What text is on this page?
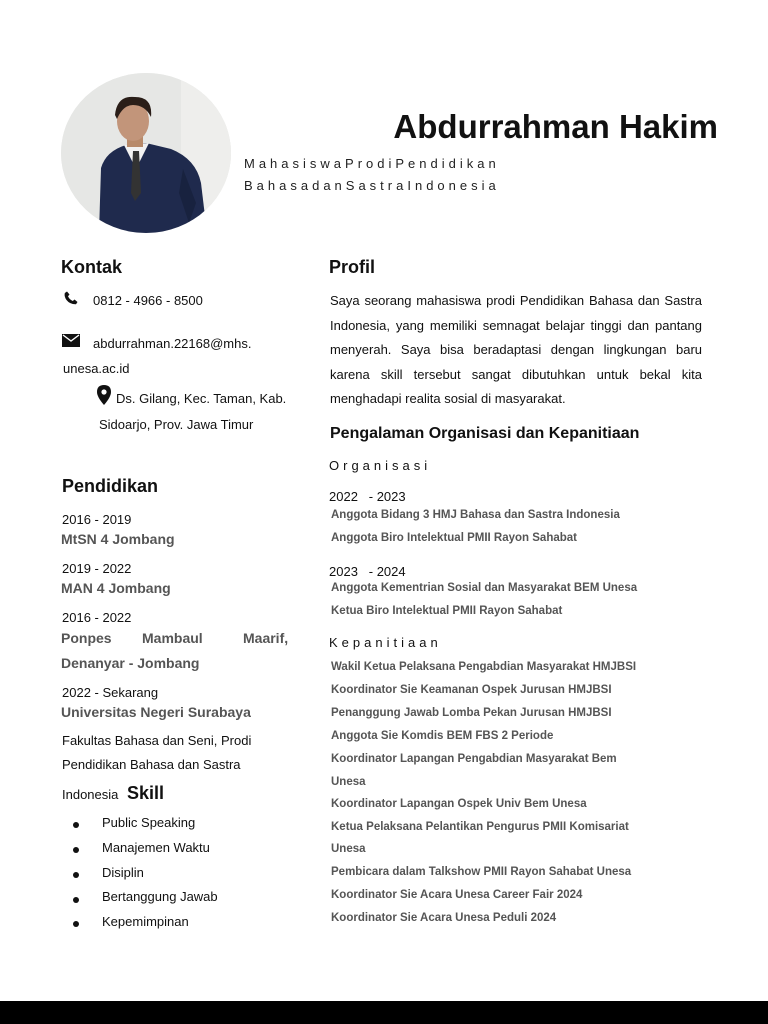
Abdurrahman Hakim
MahasiswaProdiPendidikan
BahasadanSastraIndonesia
Kontak
0812 - 4966 - 8500
abdurrahman.22168@mhs.
unesa.ac.id
Ds. Gilang, Kec. Taman, Kab.
Sidoarjo, Prov. Jawa Timur
Pendidikan
2016 - 2019
MtSN 4 Jombang
2019 - 2022
MAN 4 Jombang
2016 - 2022
Ponpes Mambaul	Maarif,
Denanyar - Jombang
2022 - Sekarang
Universitas Negeri Surabaya
Fakultas Bahasa dan Seni, Prodi
Pendidikan Bahasa dan Sastra
Indonesia Skill
Public Speaking
Manajemen Waktu
Disiplin
Bertanggung Jawab
Kepemimpinan
Profil
Saya seorang mahasiswa prodi Pendidikan Bahasa dan Sastra Indonesia, yang memiliki semnagat belajar tinggi dan pantang menyerah. Saya bisa beradaptasi dengan lingkungan baru karena skill tersebut sangat dibutuhkan untuk bekal kita menghadapi realita sosial di masyarakat.
Pengalaman Organisasi dan Kepanitiaan
Organisasi
2022   - 2023
Anggota Bidang 3 HMJ Bahasa dan Sastra Indonesia
Anggota Biro Intelektual PMII Rayon Sahabat
2023   - 2024
Anggota Kementrian Sosial dan Masyarakat BEM Unesa
Ketua Biro Intelektual PMII Rayon Sahabat
Kepanitiaan
Wakil Ketua Pelaksana Pengabdian Masyarakat HMJBSI
Koordinator Sie Keamanan Ospek Jurusan HMJBSI
Penanggung Jawab Lomba Pekan Jurusan HMJBSI
Anggota Sie Komdis BEM FBS 2 Periode
Koordinator Lapangan Pengabdian Masyarakat Bem
Unesa
Koordinator Lapangan Ospek Univ Bem Unesa
Ketua Pelaksana Pelantikan Pengurus PMII Komisariat
Unesa
Pembicara dalam Talkshow PMII Rayon Sahabat Unesa
Koordinator Sie Acara Unesa Career Fair 2024
Koordinator Sie Acara Unesa Peduli 2024
